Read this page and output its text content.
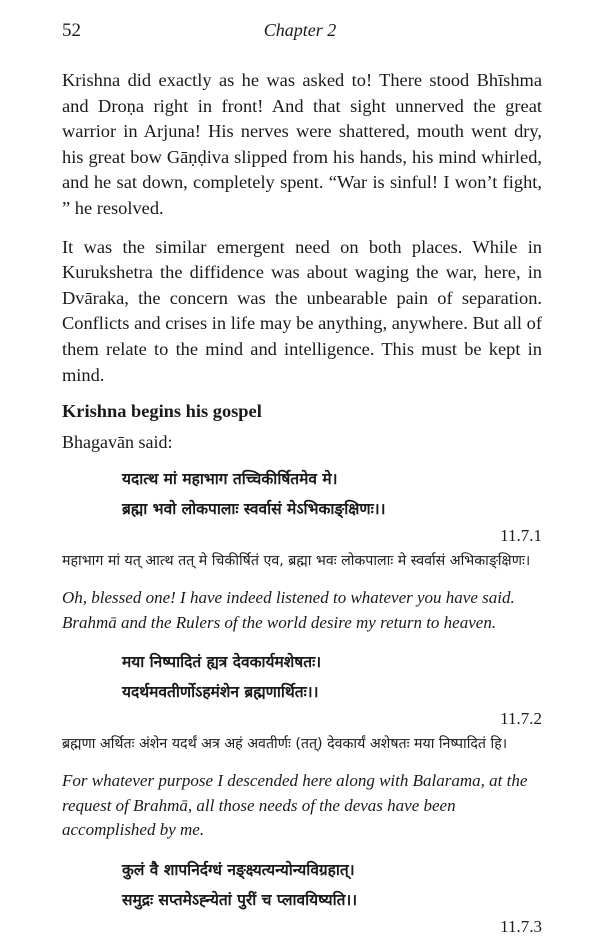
52	Chapter 2

Krishna did exactly as he was asked to! There stood Bhīshma and Droṇa right in front! And that sight unnerved the great warrior in Arjuna! His nerves were shattered, mouth went dry, his great bow Gāṇḍiva slipped from his hands, his mind whirled, and he sat down, completely spent. “War is sinful! I won’t fight, ” he resolved.

It was the similar emergent need on both places. While in Kurukshetra the diffidence was about waging the war, here, in Dvāraka, the concern was the unbearable pain of separation. Conflicts and crises in life may be anything, anywhere. But all of them relate to the mind and intelligence. This must be kept in mind.

Krishna begins his gospel
Bhagavān said:

यदात्थ मां महाभाग तच्चिकीर्षितमेव मे।

ब्रह्मा भवो लोकपालाः स्वर्वासं मेऽभिकाङ्क्षिणः।।

11.7.1

महाभाग मां यत् आत्थ तत् मे चिकीर्षितं एव, ब्रह्मा भवः लोकपालाः मे स्वर्वासं अभिकाङ्क्षिणः।

Oh, blessed one! I have indeed listened to whatever you have said. Brahmā and the Rulers of the world desire my return to heaven.

मया निष्पादितं ह्यत्र देवकार्यमशेषतः।

यदर्थमवतीर्णोऽहमंशेन ब्रह्मणार्थितः।।

11.7.2

ब्रह्मणा अर्थितः अंशेन यदर्थं अत्र अहं अवतीर्णः (तत्) देवकार्यं अशेषतः मया निष्पादितं हि।

For whatever purpose I descended here along with Balarama, at the request of Brahmā, all those needs of the devas have been accomplished by me.

कुलं वै शापनिर्दग्धं नङ्क्ष्यत्यन्योन्यविग्रहात्।

समुद्रः सप्तमेऽह्न्येतां पुरीं च प्लावयिष्यति।।

11.7.3
